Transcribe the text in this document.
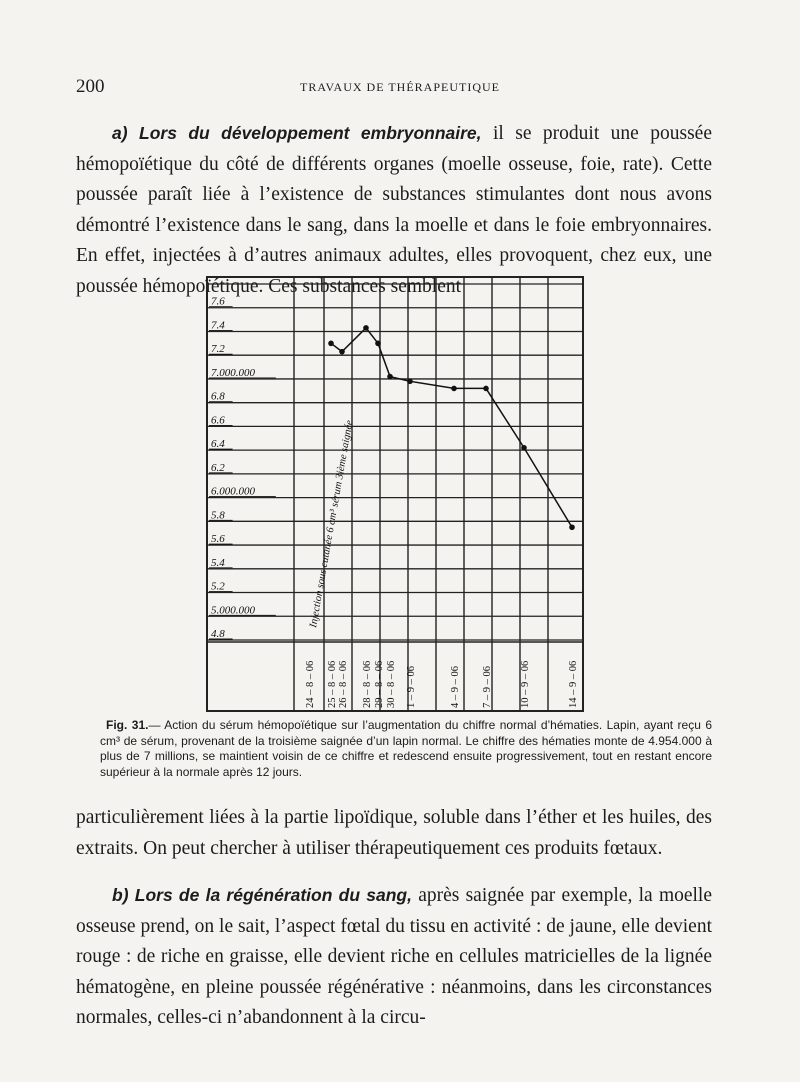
200	TRAVAUX DE THÉRAPEUTIQUE

a) Lors du développement embryonnaire, il se produit une poussée hémopoïétique du côté de différents organes (moelle osseuse, foie, rate). Cette poussée paraît liée à l’existence de substances stimulantes dont nous avons démontré l’existence dans le sang, dans la moelle et dans le foie embryonnaires. En effet, injectées à d’autres animaux adultes, elles provoquent, chez eux, une poussée hémopoïétique. Ces substances semblent

7.6
7.4
7.2
7.000.000
6.8
6.6
6.4
6.2
6.000.000
5.8
5.6
5.4
5.2
5.000.000
4.8
24 – 8 – 06 25 – 8 – 06 26 – 8 – 06 28 – 8 – 06 29 – 8 – 06 30 – 8 – 06 1 – 9 – 06	4 – 9 – 06 7 – 9 – 06	10 – 9 – 06	14 – 9 – 06
Injection sous cutanée 6 cm³ sérum 3ième saignée

Fig. 31.— Action du sérum hémopoïétique sur l’augmentation du chiffre normal d’hématies. Lapin, ayant reçu 6 cm³ de sérum, provenant de la troisième saignée d’un lapin normal. Le chiffre des hématies monte de 4.954.000 à plus de 7 millions, se maintient voisin de ce chiffre et redescend ensuite progressivement, tout en restant encore supérieur à la normale après 12 jours.

particulièrement liées à la partie lipoïdique, soluble dans l’éther et les huiles, des extraits. On peut chercher à utiliser thérapeutiquement ces produits fœtaux.

b) Lors de la régénération du sang, après saignée par exemple, la moelle osseuse prend, on le sait, l’aspect fœtal du tissu en activité : de jaune, elle devient rouge : de riche en graisse, elle devient riche en cellules matricielles de la lignée hématogène, en pleine poussée régénérative : néanmoins, dans les circonstances normales, celles-ci n’abandonnent à la circu-
